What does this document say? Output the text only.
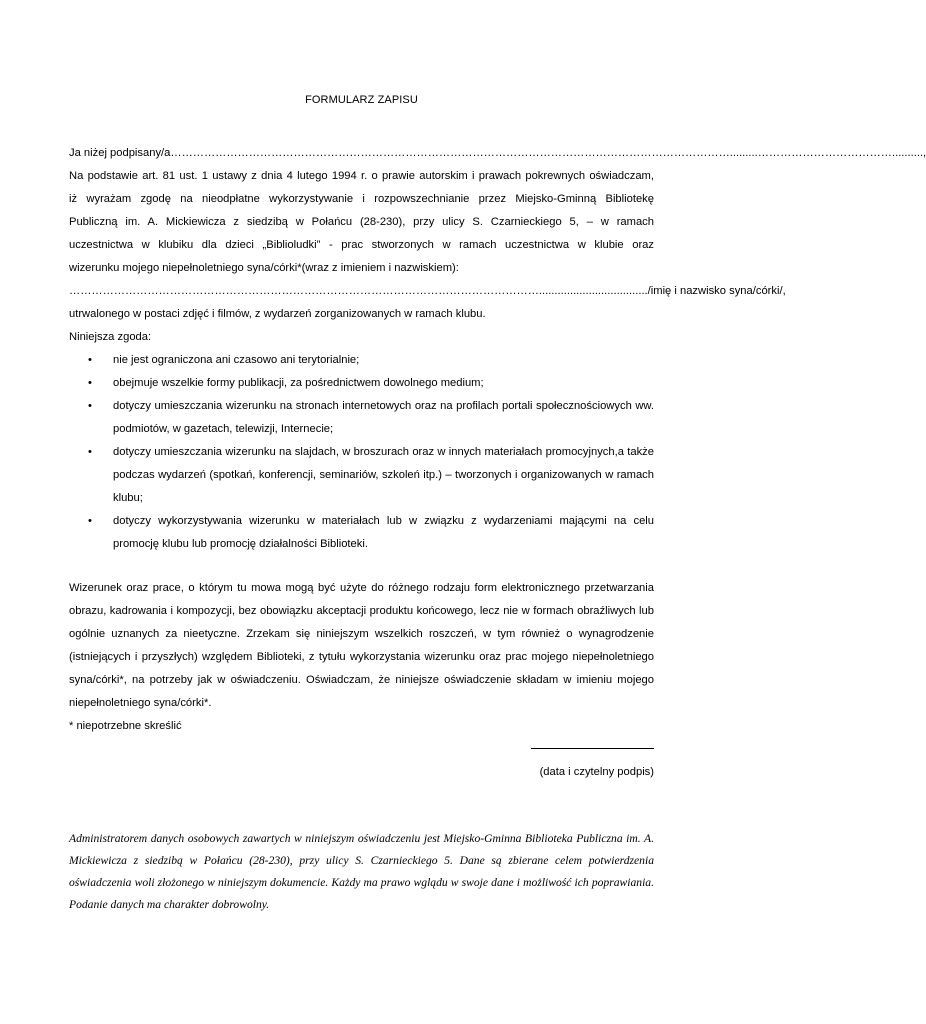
FORMULARZ ZAPISU
Ja niżej podpisany/a…………………………………………………………………………………………………………………………………….........………………………………..........,
Na podstawie art. 81 ust. 1 ustawy z dnia 4 lutego 1994 r. o prawie autorskim i prawach pokrewnych oświadczam,
iż wyrażam zgodę na nieodpłatne wykorzystywanie i rozpowszechnianie przez Miejsko-Gminną Bibliotekę
Publiczną im. A. Mickiewicza z siedzibą w Połańcu (28-230), przy ulicy S. Czarnieckiego 5, – w ramach
uczestnictwa w klubiku dla dzieci „Biblioludki” - prac stworzonych w ramach uczestnictwa w klubie oraz
wizerunku mojego niepełnoletniego syna/córki*(wraz z imieniem i nazwiskiem):
……………………………………………………………………………………………………………….................................../imię i nazwisko syna/córki/,
utrwalonego w postaci zdjęć i filmów, z wydarzeń zorganizowanych w ramach klubu.
Niniejsza zgoda:
• nie jest ograniczona ani czasowo ani terytorialnie;
• obejmuje wszelkie formy publikacji, za pośrednictwem dowolnego medium;
• dotyczy umieszczania wizerunku na stronach internetowych oraz na profilach portali społecznościowych ww. podmiotów, w gazetach, telewizji, Internecie;
• dotyczy umieszczania wizerunku na slajdach, w broszurach oraz w innych materiałach promocyjnych,a także podczas wydarzeń (spotkań, konferencji, seminariów, szkoleń itp.) – tworzonych i organizowanych w ramach klubu;
• dotyczy wykorzystywania wizerunku w materiałach lub w związku z wydarzeniami mającymi na celu promocję klubu lub promocję działalności Biblioteki.
Wizerunek oraz prace, o którym tu mowa mogą być użyte do różnego rodzaju form elektronicznego przetwarzania obrazu, kadrowania i kompozycji, bez obowiązku akceptacji produktu końcowego, lecz nie w formach obraźliwych lub ogólnie uznanych za nieetyczne. Zrzekam się niniejszym wszelkich roszczeń, w tym również o wynagrodzenie (istniejących i przyszłych) względem Biblioteki, z tytułu wykorzystania wizerunku oraz prac mojego niepełnoletniego syna/córki*, na potrzeby jak w oświadczeniu. Oświadczam, że niniejsze oświadczenie składam w imieniu mojego niepełnoletniego syna/córki*.
* niepotrzebne skreślić
(data i czytelny podpis)
Administratorem danych osobowych zawartych w niniejszym oświadczeniu jest Miejsko-Gminna Biblioteka Publiczna im. A. Mickiewicza z siedzibą w Połańcu (28-230), przy ulicy S. Czarnieckiego 5. Dane są zbierane celem potwierdzenia oświadczenia woli złożonego w niniejszym dokumencie. Każdy ma prawo wglądu w swoje dane i możliwość ich poprawiania. Podanie danych ma charakter dobrowolny.
